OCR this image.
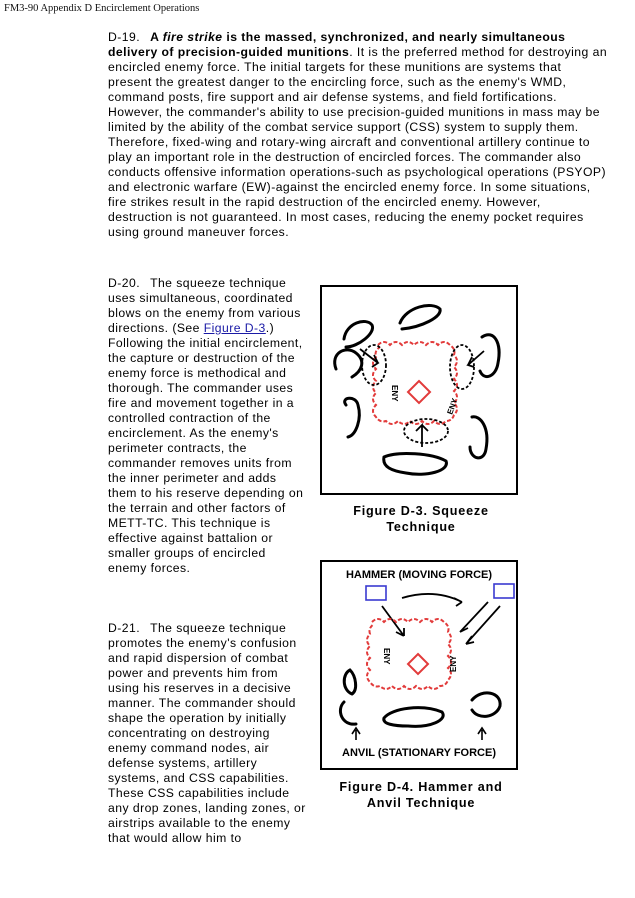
FM3-90 Appendix D Encirclement Operations

D-19. A fire strike is the massed, synchronized, and nearly simultaneous delivery of precision-guided munitions. It is the preferred method for destroying an encircled enemy force. The initial targets for these munitions are systems that present the greatest danger to the encircling force, such as the enemy's WMD, command posts, fire support and air defense systems, and field fortifications. However, the commander's ability to use precision-guided munitions in mass may be limited by the ability of the combat service support (CSS) system to supply them. Therefore, fixed-wing and rotary-wing aircraft and conventional artillery continue to play an important role in the destruction of encircled forces. The commander also conducts offensive information operations-such as psychological operations (PSYOP) and electronic warfare (EW)-against the encircled enemy force. In some situations, fire strikes result in the rapid destruction of the encircled enemy. However, destruction is not guaranteed. In most cases, reducing the enemy pocket requires using ground maneuver forces.

D-20. The squeeze technique uses simultaneous, coordinated blows on the enemy from various directions. (See Figure D-3.) Following the initial encirclement, the capture or destruction of the enemy force is methodical and thorough. The commander uses fire and movement together in a controlled contraction of the encirclement. As the enemy's perimeter contracts, the commander removes units from the inner perimeter and adds them to his reserve depending on the terrain and other factors of METT-TC. This technique is effective against battalion or smaller groups of encircled enemy forces.

D-21. The squeeze technique promotes the enemy's confusion and rapid dispersion of combat power and prevents him from using his reserves in a decisive manner. The commander should shape the operation by initially concentrating on destroying enemy command nodes, air defense systems, artillery systems, and CSS capabilities. These CSS capabilities include any drop zones, landing zones, or airstrips available to the enemy that would allow him to

ENY
ENY
Figure D-3. Squeeze Technique
HAMMER (MOVING FORCE)
ENY	ENY
ANVIL (STATIONARY FORCE)
Figure D-4. Hammer and Anvil Technique
